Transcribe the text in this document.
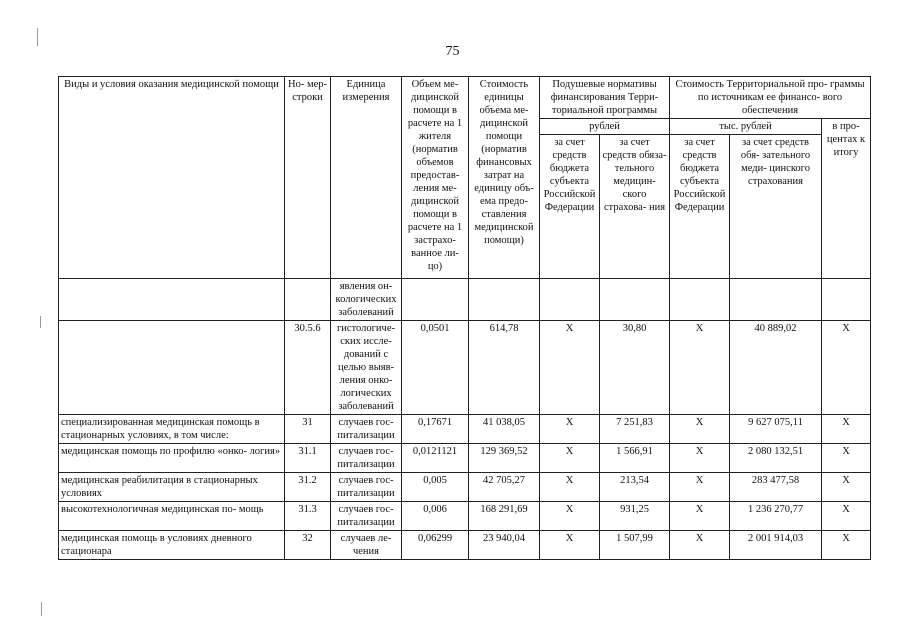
75
Виды и условия оказания медицинской помощи	Но- мер- строки	Единица измерения	Объем ме- дицинской помощи в расчете на 1 жителя (норматив объемов предостав- ления ме- дицинской помощи в расчете на 1 застрахо- ванное ли- цо)	Стоимость единицы объема ме- дицинской помощи (норматив финансовых затрат на единицу объ- ема предо- ставления медицинской помощи)	Подушевые нормативы финансирования Терри- ториальной программы		Стоимость Территориальной про- граммы по источникам ее финансо- вого обеспечения		
					рублей		тыс. рублей		в про- центах к итогу
					за счет средств бюджета субъекта Российской Федерации	за счет средств обяза- тельного медицин- ского страхова- ния	за счет средств бюджета субъекта Российской Федерации	за счет средств обя- зательного меди- цинского страхования	
		явления он- кологических заболеваний							
	30.5.6	гистологиче- ских иссле- дований с целью выяв- ления онко- логических заболеваний	0,0501	614,78	Х	30,80	Х	40 889,02	Х
специализированная медицинская помощь в стационарных условиях, в том числе:	31	случаев гос- питализации	0,17671	41 038,05	Х	7 251,83	Х	9 627 075,11	Х
медицинская помощь по профилю «онко- логия»	31.1	случаев гос- питализации	0,0121121	129 369,52	Х	1 566,91	Х	2 080 132,51	Х
медицинская реабилитация в стационарных условиях	31.2	случаев гос- питализации	0,005	42 705,27	Х	213,54	Х	283 477,58	Х
высокотехнологичная медицинская по- мощь	31.3	случаев гос- питализации	0,006	168 291,69	Х	931,25	Х	1 236 270,77	Х
медицинская помощь в условиях дневного стационара	32	случаев ле- чения	0,06299	23 940,04	Х	1 507,99	Х	2 001 914,03	Х
